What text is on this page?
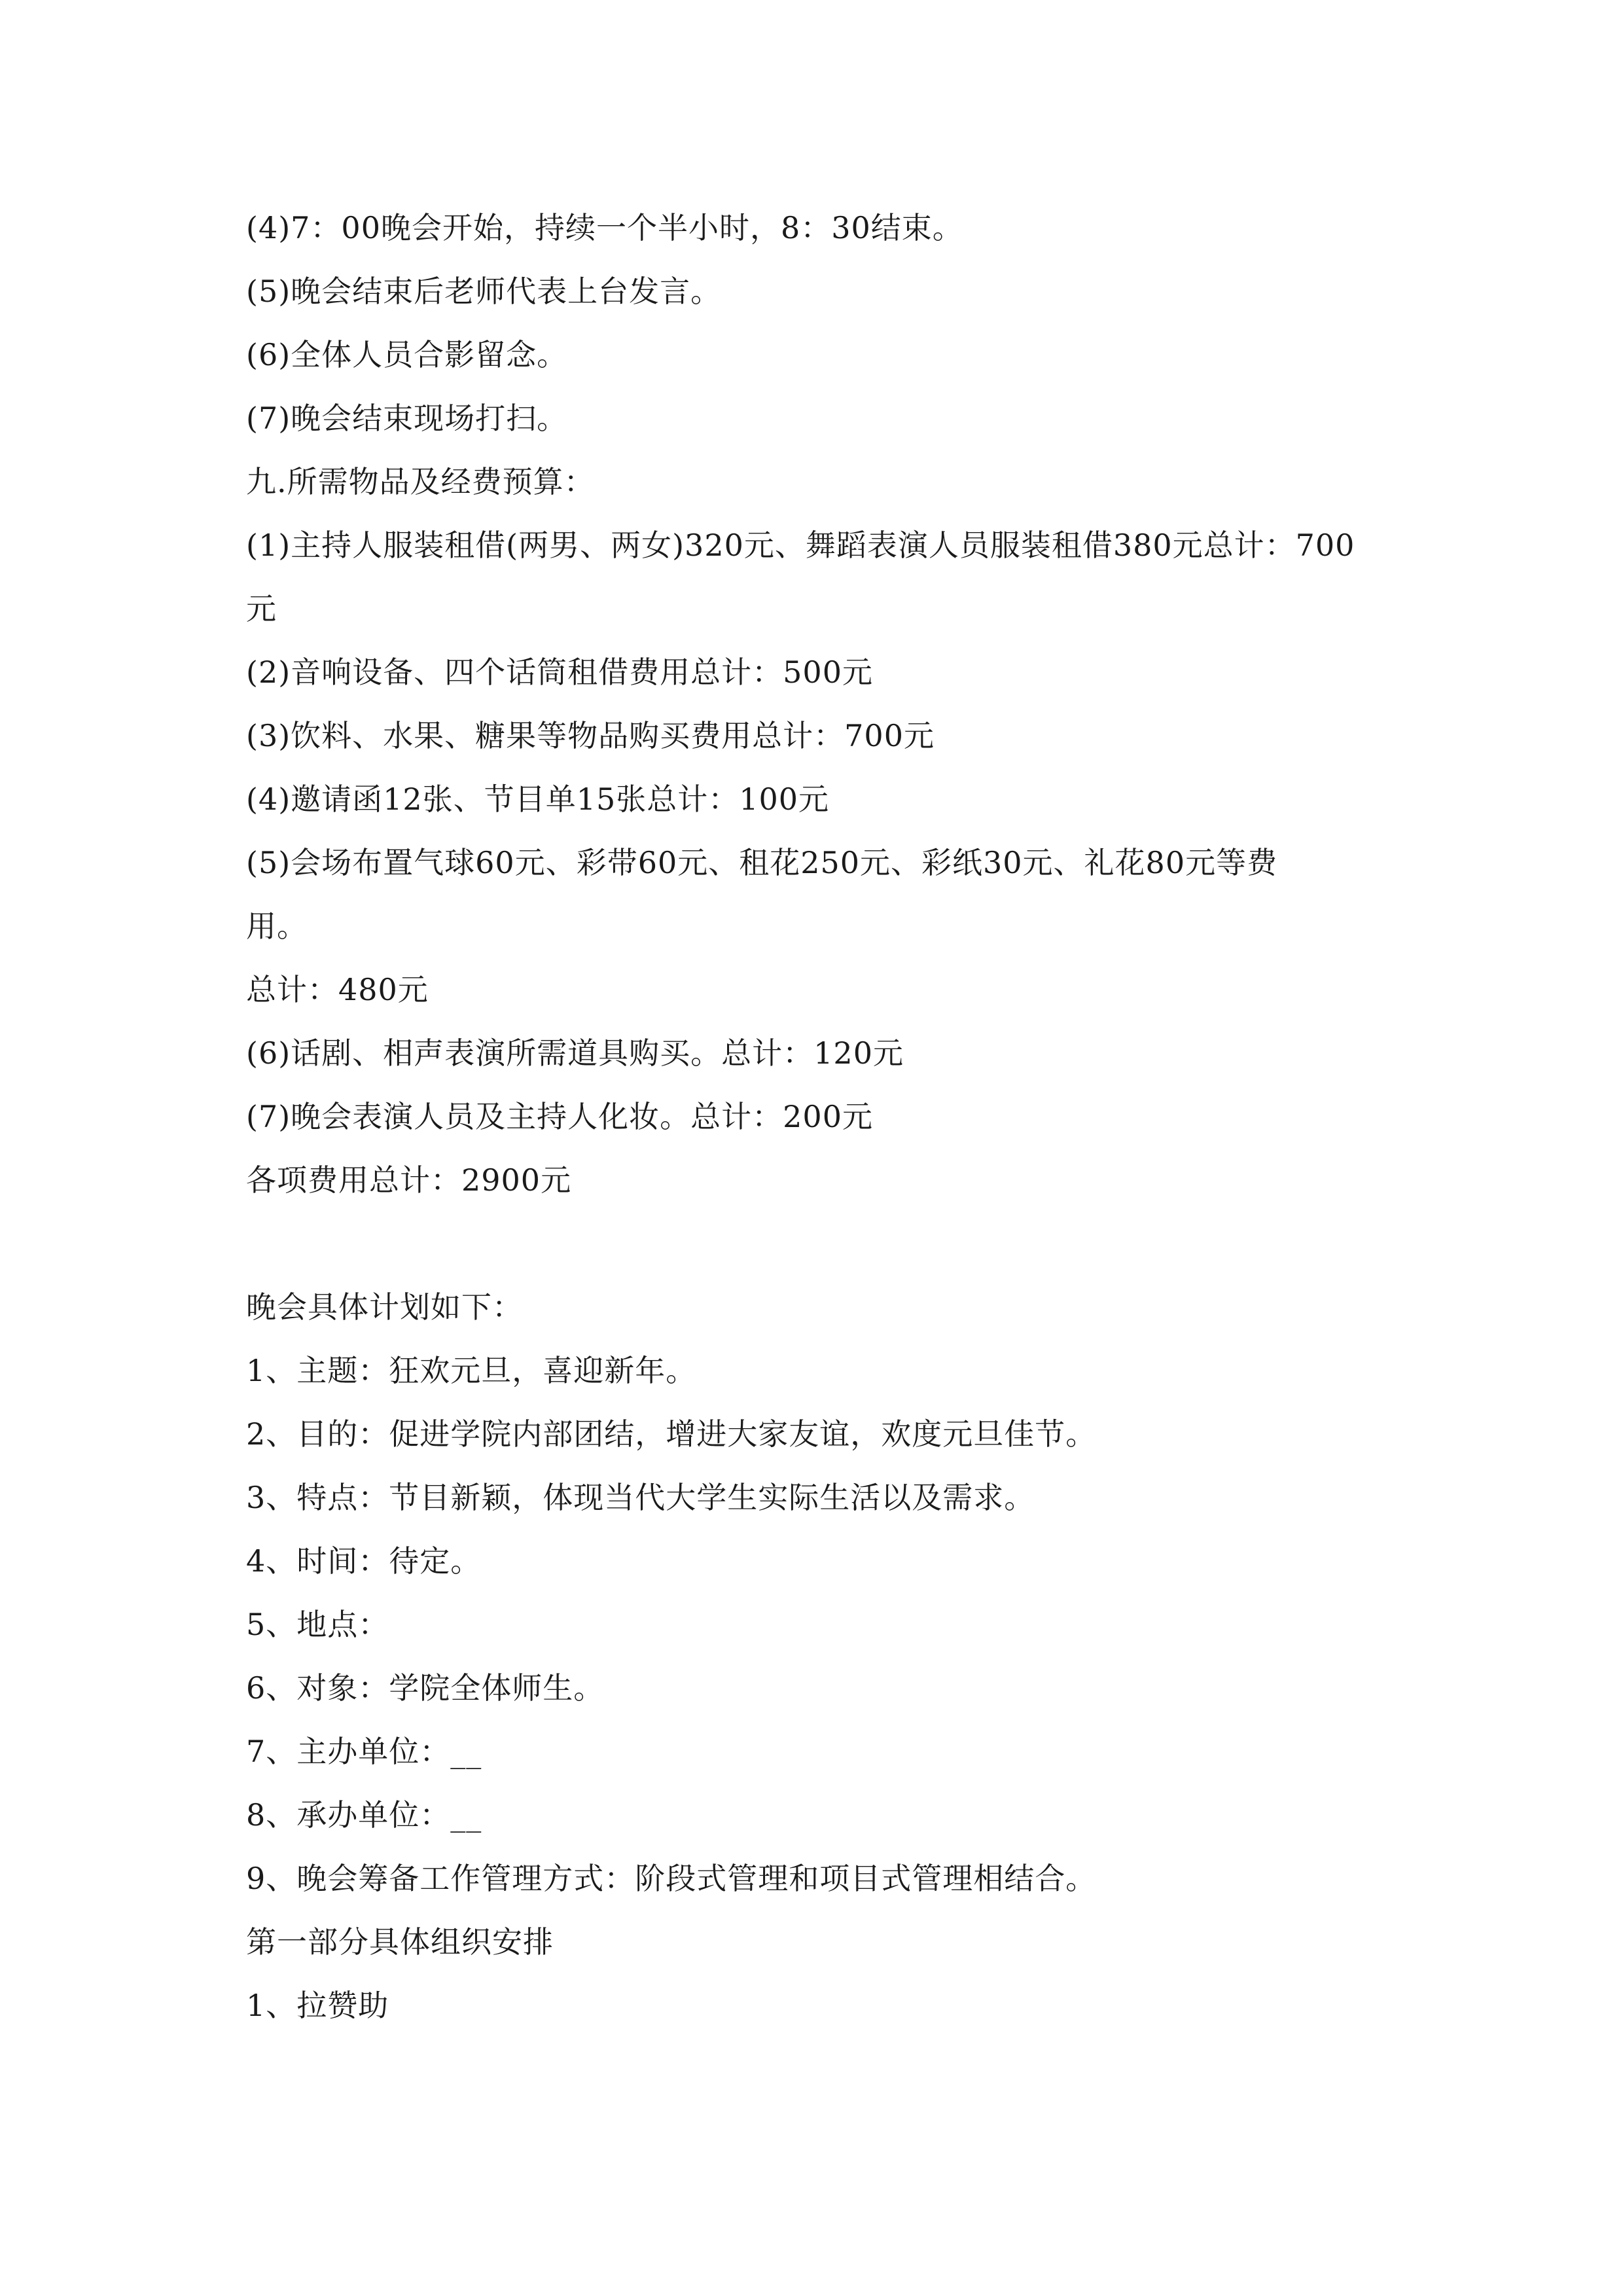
(4)7：00晚会开始，持续一个半小时，8：30结束。
(5)晚会结束后老师代表上台发言。
(6)全体人员合影留念。
(7)晚会结束现场打扫。
九.所需物品及经费预算：
(1)主持人服装租借(两男、两女)320元、舞蹈表演人员服装租借380元总计：700
元
(2)音响设备、四个话筒租借费用总计：500元
(3)饮料、水果、糖果等物品购买费用总计：700元
(4)邀请函12张、节目单15张总计：100元
(5)会场布置气球60元、彩带60元、租花250元、彩纸30元、礼花80元等费
用。
总计：480元
(6)话剧、相声表演所需道具购买。总计：120元
(7)晚会表演人员及主持人化妆。总计：200元
各项费用总计：2900元
晚会具体计划如下：
1、主题：狂欢元旦，喜迎新年。
2、目的：促进学院内部团结，增进大家友谊，欢度元旦佳节。
3、特点：节目新颖，体现当代大学生实际生活以及需求。
4、时间：待定。
5、地点：
6、对象：学院全体师生。
7、主办单位：__
8、承办单位：__
9、晚会筹备工作管理方式：阶段式管理和项目式管理相结合。
第一部分具体组织安排
1、拉赞助
